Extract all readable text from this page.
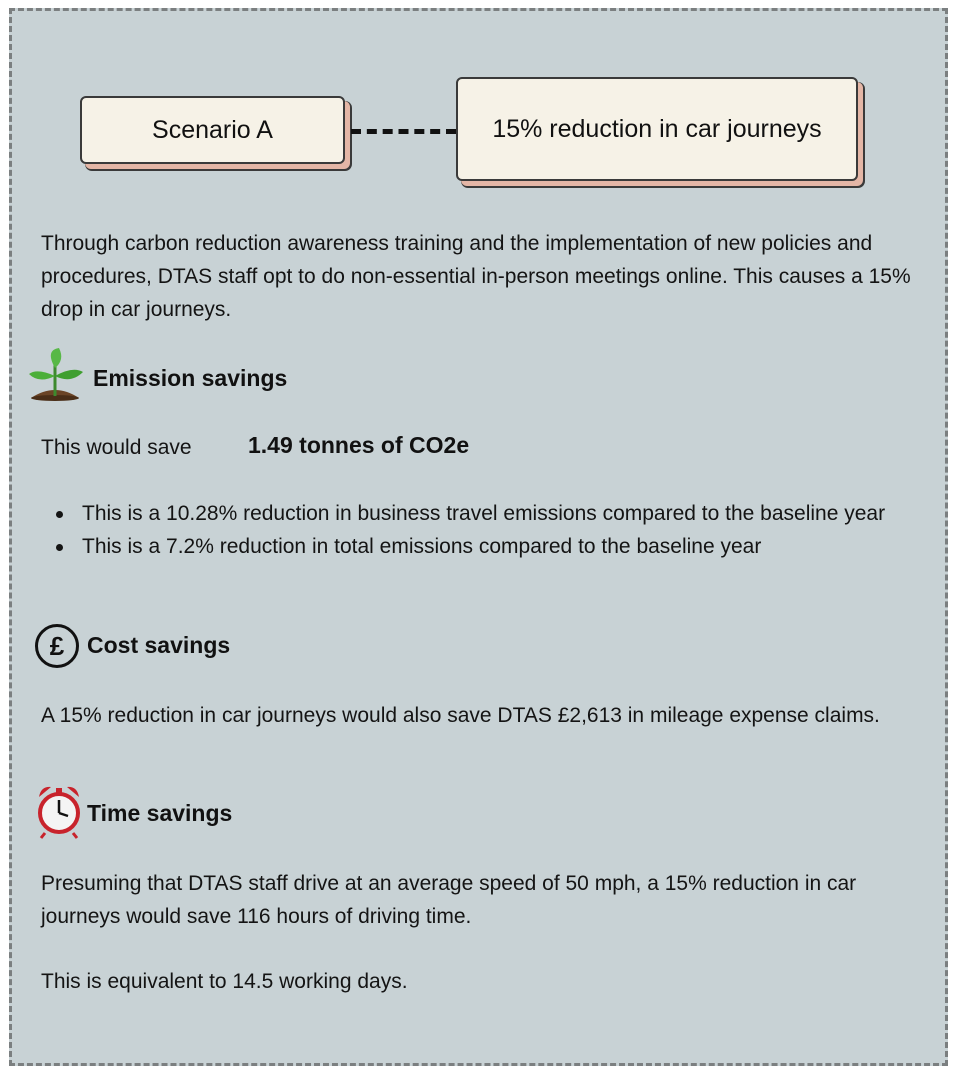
Scenario A	15% reduction in car journeys
Through carbon reduction awareness training and the implementation of new policies and procedures, DTAS staff opt to do non-essential in-person meetings online. This causes a 15% drop in car journeys.
Emission savings
This would save	1.49 tonnes of CO2e
This is a 10.28% reduction in business travel emissions compared to the baseline year
This is a 7.2% reduction in total emissions compared to the baseline year
£ Cost savings
A 15% reduction in car journeys would also save DTAS £2,613 in mileage expense claims.
Time savings
Presuming that DTAS staff drive at an average speed of 50 mph, a 15% reduction in car journeys would save 116 hours of driving time.
This is equivalent to 14.5 working days.
